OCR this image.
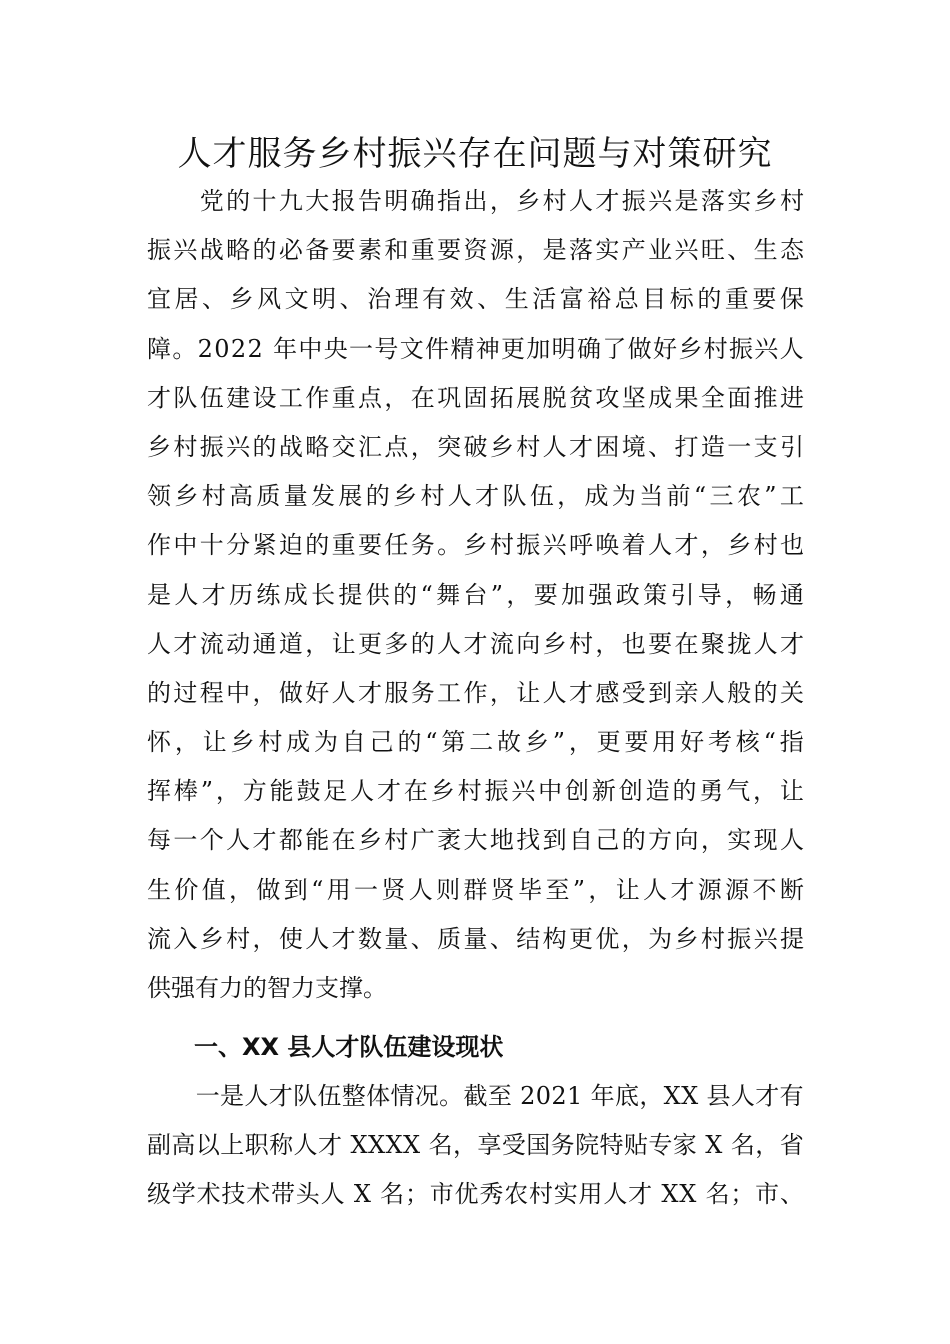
人才服务乡村振兴存在问题与对策研究

党 的 十 九 大 报 告 明 确 指 出 ， 乡 村 人 才 振 兴 是 落 实 乡 村
振 兴 战 略 的 必 备 要 素 和 重 要 资 源 ， 是 落 实 产 业 兴 旺 、 生 态
宜 居 、 乡 风 文 明 、 治 理 有 效 、 生 活 富 裕 总 目 标 的 重 要 保
障 。 2 0 2 2
年 中 央 一 号 文 件 精 神 更 加 明 确 了 做 好 乡 村 振 兴 人
才 队 伍 建 设 工 作 重 点 ， 在 巩 固 拓 展 脱 贫 攻 坚 成 果 全 面 推 进
乡 村 振 兴 的 战 略 交 汇 点 ， 突 破 乡 村 人 才 困 境 、 打 造 一 支 引
领 乡 村 高 质 量 发 展 的 乡 村 人 才 队 伍 ， 成 为 当 前 “ 三 农 ” 工
作 中 十 分 紧 迫 的 重 要 任 务 。 乡 村 振 兴 呼 唤 着 人 才 ， 乡 村 也
是 人 才 历 练 成 长 提 供 的 “ 舞 台 ” ， 要 加 强 政 策 引 导 ， 畅 通
人 才 流 动 通 道 ， 让 更 多 的 人 才 流 向 乡 村 ， 也 要 在 聚 拢 人 才
的 过 程 中 ， 做 好 人 才 服 务 工 作 ， 让 人 才 感 受 到 亲 人 般 的 关
怀 ， 让 乡 村 成 为 自 己 的 “ 第 二 故 乡 ” ， 更 要 用 好 考 核 “ 指
挥 棒 ” ， 方 能 鼓 足 人 才 在 乡 村 振 兴 中 创 新 创 造 的 勇 气 ， 让
每 一 个 人 才 都 能 在 乡 村 广 袤 大 地 找 到 自 己 的 方 向 ， 实 现 人
生 价 值 ， 做 到 “ 用 一 贤 人 则 群 贤 毕 至 ” ， 让 人 才 源 源 不 断
流 入 乡 村 ， 使 人 才 数 量 、 质 量 、 结 构 更 优 ， 为 乡 村 振 兴 提
供强有力的智力支撑。
一、XX 县人才队伍建设现状

一 是 人 才 队 伍 整 体 情 况 。 截 至
2 0 2 1
年 底 ， X X
县 人 才 有
副 高 以 上 职 称 人 才
X X X X
名 ， 享 受 国 务 院 特 贴 专 家
X
名 ， 省
级 学 术 技 术 带 头 人
X
名 ； 市 优 秀 农 村 实 用 人 才
X X
名 ； 市 、
